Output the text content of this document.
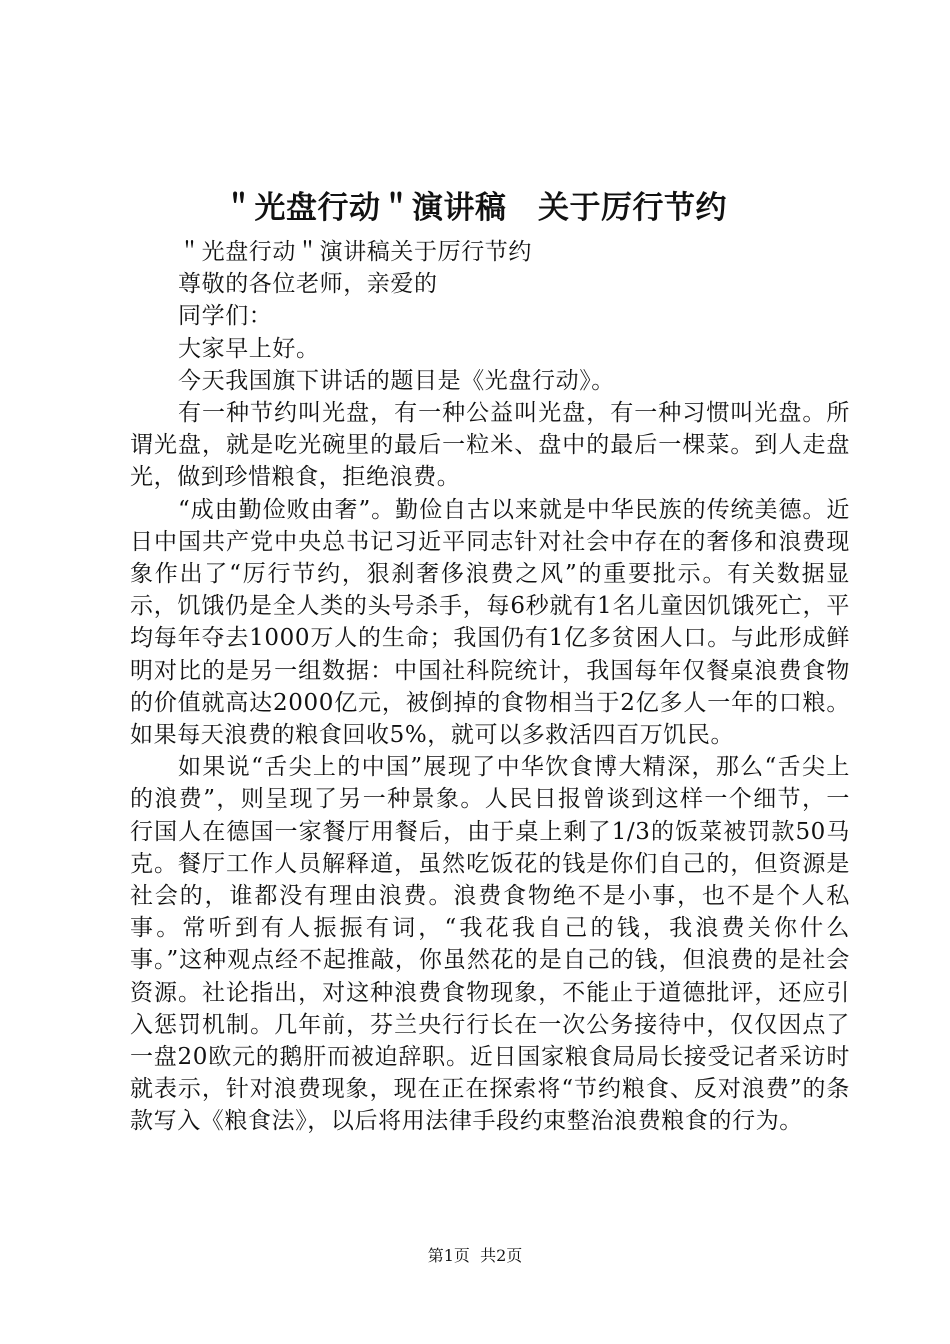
＂光盘行动＂演讲稿　关于厉行节约

＂光盘行动＂演讲稿关于厉行节约

尊敬的各位老师，亲爱的

同学们：

大家早上好。

今天我国旗下讲话的题目是《光盘行动》。

有一种节约叫光盘，有一种公益叫光盘，有一种习惯叫光盘。所谓光盘，就是吃光碗里的最后一粒米、盘中的最后一棵菜。到人走盘光，做到珍惜粮食，拒绝浪费。

“成由勤俭败由奢”。勤俭自古以来就是中华民族的传统美德。近日中国共产党中央总书记习近平同志针对社会中存在的奢侈和浪费现象作出了“厉行节约，狠刹奢侈浪费之风”的重要批示。有关数据显示，饥饿仍是全人类的头号杀手，每6秒就有1名儿童因饥饿死亡，平均每年夺去1000万人的生命；我国仍有1亿多贫困人口。与此形成鲜明对比的是另一组数据：中国社科院统计，我国每年仅餐桌浪费食物的价值就高达2000亿元，被倒掉的食物相当于2亿多人一年的口粮。如果每天浪费的粮食回收5%，就可以多救活四百万饥民。

如果说“舌尖上的中国”展现了中华饮食博大精深，那么“舌尖上的浪费”，则呈现了另一种景象。人民日报曾谈到这样一个细节，一行国人在德国一家餐厅用餐后，由于桌上剩了1/3的饭菜被罚款50马克。餐厅工作人员解释道，虽然吃饭花的钱是你们自己的，但资源是社会的，谁都没有理由浪费。浪费食物绝不是小事，也不是个人私事。常听到有人振振有词，“我花我自己的钱，我浪费关你什么事。”这种观点经不起推敲，你虽然花的是自己的钱，但浪费的是社会资源。社论指出，对这种浪费食物现象，不能止于道德批评，还应引入惩罚机制。几年前，芬兰央行行长在一次公务接待中，仅仅因点了一盘20欧元的鹅肝而被迫辞职。近日国家粮食局局长接受记者采访时就表示，针对浪费现象，现在正在探索将“节约粮食、反对浪费”的条款写入《粮食法》，以后将用法律手段约束整治浪费粮食的行为。

第1页  共2页
